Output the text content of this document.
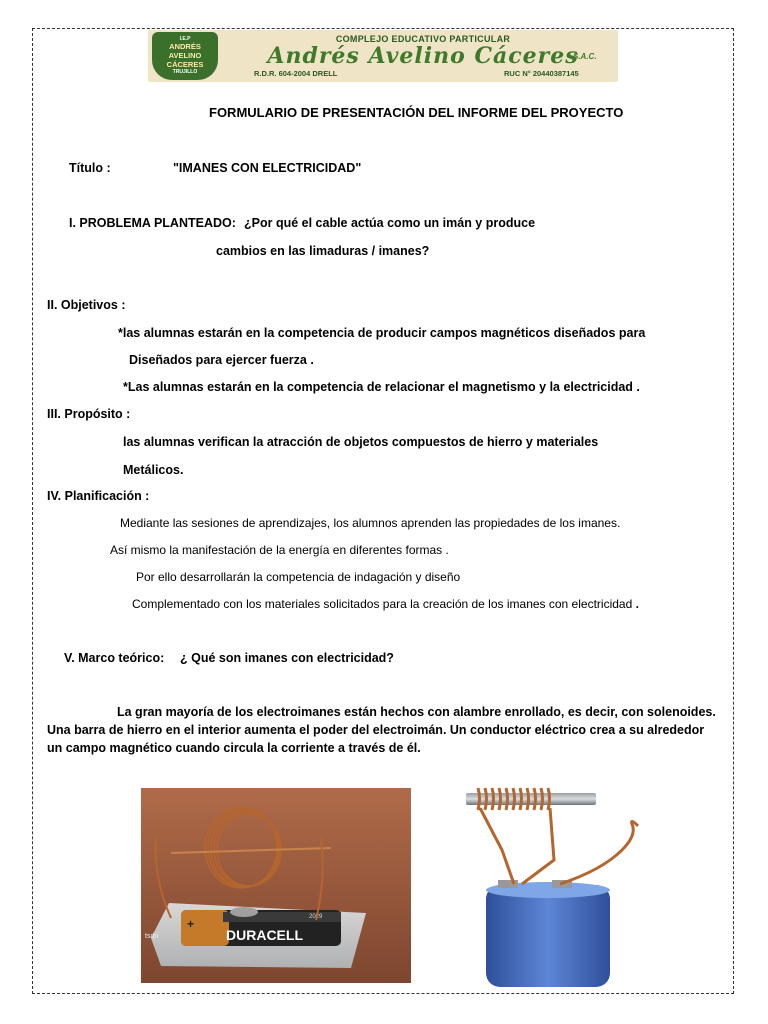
I.E.P
ANDRÉS
AVELINO
CÁCERES
TRUJILLO
COMPLEJO EDUCATIVO PARTICULAR
Andrés Avelino Cáceres
S.A.C.
R.D.R. 604-2004 DRELL	RUC N° 20440387145
FORMULARIO DE PRESENTACIÓN DEL INFORME DEL PROYECTO
Título :	"IMANES CON ELECTRICIDAD"
I. PROBLEMA PLANTEADO: ¿Por qué el cable actúa como un imán y produce
cambios en las limaduras / imanes?
II. Objetivos :
*las alumnas estarán en la competencia de producir campos magnéticos diseñados para
Diseñados para ejercer fuerza .
*Las alumnas estarán en la competencia de relacionar el magnetismo y la electricidad .
III. Propósito :
las alumnas verifican la atracción de objetos compuestos de hierro y materiales
Metálicos.
IV. Planificación :
Mediante las sesiones de aprendizajes, los alumnos aprenden las propiedades de los imanes.
Así mismo la manifestación de la energía en diferentes formas .
Por ello desarrollarán la competencia de indagación y diseño
Complementado con los materiales solicitados para la creación de los imanes con electricidad .
V. Marco teórico: ¿ Qué son imanes con electricidad?
La gran mayoría de los electroimanes están hechos con alambre enrollado, es decir, con solenoides. Una barra de hierro en el interior aumenta el poder del electroimán. Un conductor eléctrico crea a su alrededor un campo magnético cuando circula la corriente a través de él.
DURACELL
+	2029
tsdn
